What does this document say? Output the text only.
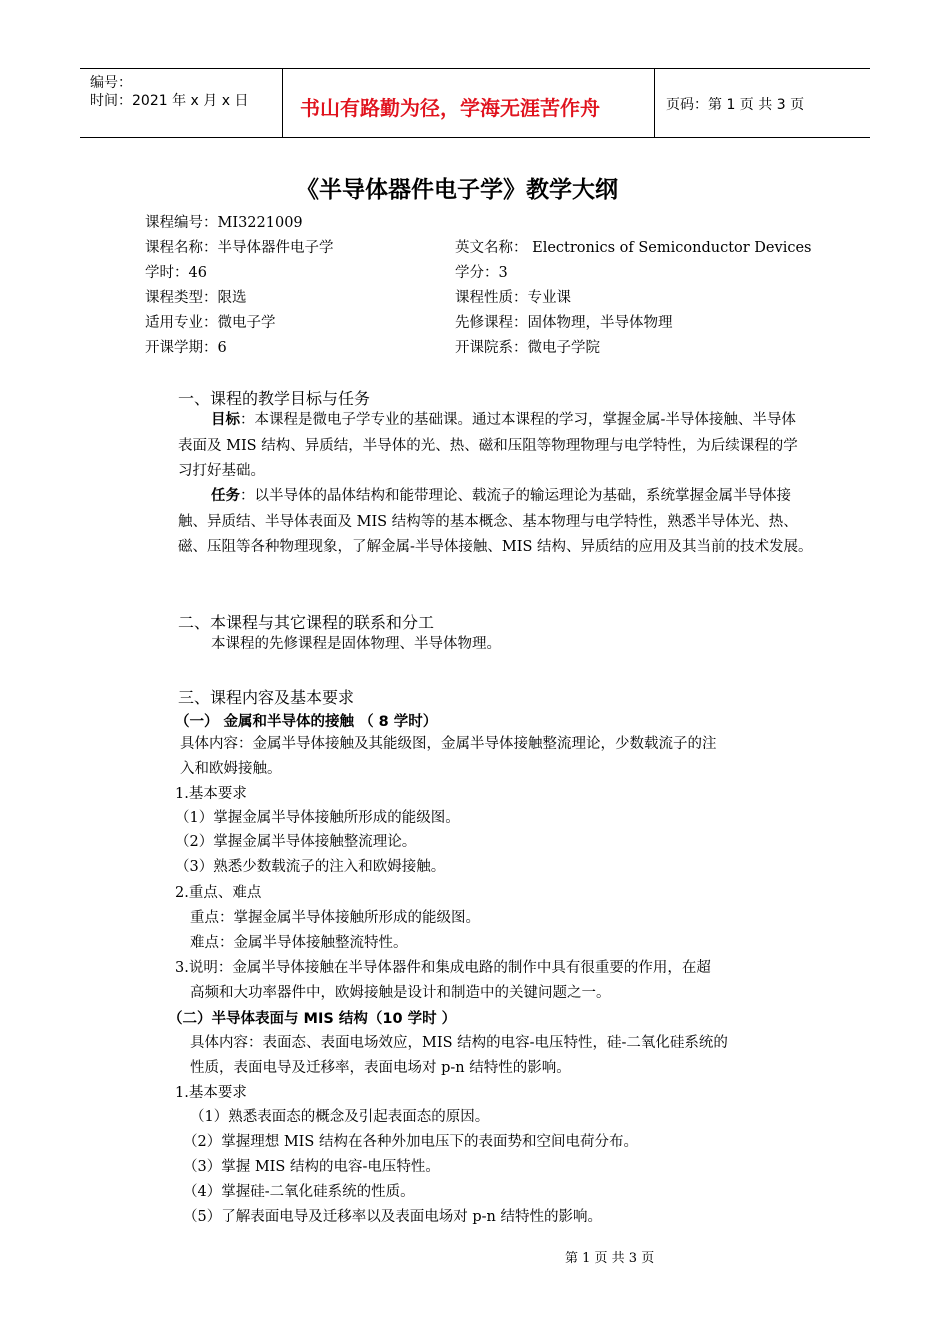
编号：
时间：2021 年 x 月 x 日	书山有路勤为径，学海无涯苦作舟	页码：第 1 页 共 3 页
《半导体器件电子学》教学大纲
课程编号：MI3221009
课程名称：半导体器件电子学	英文名称： Electronics of Semiconductor Devices
学时：46	学分：3
课程类型：限选	课程性质：专业课
适用专业：微电子学	先修课程：固体物理，半导体物理
开课学期：6	开课院系：微电子学院
一、课程的教学目标与任务
目标：本课程是微电子学专业的基础课。通过本课程的学习，掌握金属-半导体接触、半导体表面及 MIS 结构、异质结，半导体的光、热、磁和压阻等物理物理与电学特性，为后续课程的学习打好基础。
任务：以半导体的晶体结构和能带理论、载流子的输运理论为基础，系统掌握金属半导体接触、异质结、半导体表面及 MIS 结构等的基本概念、基本物理与电学特性，熟悉半导体光、热、磁、压阻等各种物理现象，了解金属-半导体接触、MIS 结构、异质结的应用及其当前的技术发展。
二、本课程与其它课程的联系和分工
本课程的先修课程是固体物理、半导体物理。
三、课程内容及基本要求
（一） 金属和半导体的接触 （ 8 学时）
具体内容：金属半导体接触及其能级图，金属半导体接触整流理论，少数载流子的注
入和欧姆接触。
1.基本要求
（1）掌握金属半导体接触所形成的能级图。
（2）掌握金属半导体接触整流理论。
（3）熟悉少数载流子的注入和欧姆接触。
2.重点、难点
重点：掌握金属半导体接触所形成的能级图。
难点：金属半导体接触整流特性。
3.说明：金属半导体接触在半导体器件和集成电路的制作中具有很重要的作用，在超
高频和大功率器件中，欧姆接触是设计和制造中的关键问题之一。
（二）半导体表面与 MIS 结构（10 学时 ）
具体内容：表面态、表面电场效应，MIS 结构的电容-电压特性，硅-二氧化硅系统的
性质，表面电导及迁移率，表面电场对 p-n 结特性的影响。
1.基本要求
（1）熟悉表面态的概念及引起表面态的原因。
（2）掌握理想 MIS 结构在各种外加电压下的表面势和空间电荷分布。
（3）掌握 MIS 结构的电容-电压特性。
（4）掌握硅-二氧化硅系统的性质。
（5）了解表面电导及迁移率以及表面电场对 p-n 结特性的影响。
第 1 页 共 3 页
